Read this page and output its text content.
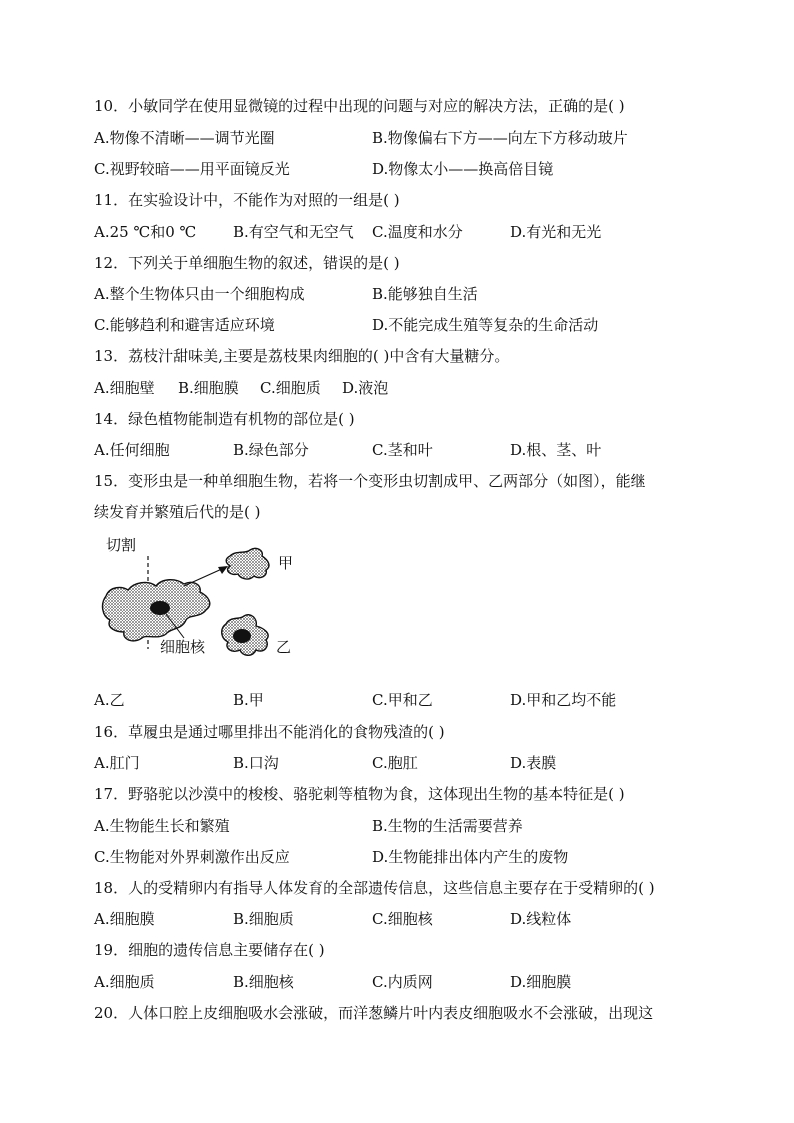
10．小敏同学在使用显微镜的过程中出现的问题与对应的解决方法，正确的是( )
A.物像不清晰——调节光圈	B.物像偏右下方——向左下方移动玻片
C.视野较暗——用平面镜反光	D.物像太小——换高倍目镜
11．在实验设计中，不能作为对照的一组是( )
A.25 ℃和0 ℃ B.有空气和无空气 C.温度和水分	D.有光和无光
12．下列关于单细胞生物的叙述，错误的是( )
A.整个生物体只由一个细胞构成	B.能够独自生活
C.能够趋利和避害适应环境	D.不能完成生殖等复杂的生命活动
13．荔枝汁甜味美,主要是荔枝果肉细胞的( )中含有大量糖分。
A.细胞壁 B.细胞膜 C.细胞质 D.液泡
14．绿色植物能制造有机物的部位是( )
A.任何细胞	B.绿色部分	C.茎和叶	D.根、茎、叶
15．变形虫是一种单细胞生物，若将一个变形虫切割成甲、乙两部分（如图），能继
续发育并繁殖后代的是( )
切割
甲
乙
细胞核
A.乙	B.甲	C.甲和乙	D.甲和乙均不能
16．草履虫是通过哪里排出不能消化的食物残渣的( )
A.肛门	B.口沟	C.胞肛	D.表膜
17．野骆驼以沙漠中的梭梭、骆驼刺等植物为食，这体现出生物的基本特征是( )
A.生物能生长和繁殖	B.生物的生活需要营养
C.生物能对外界刺激作出反应	D.生物能排出体内产生的废物
18．人的受精卵内有指导人体发育的全部遗传信息，这些信息主要存在于受精卵的( )
A.细胞膜	B.细胞质	C.细胞核	D.线粒体
19．细胞的遗传信息主要储存在( )
A.细胞质	B.细胞核	C.内质网	D.细胞膜
20．人体口腔上皮细胞吸水会涨破，而洋葱鳞片叶内表皮细胞吸水不会涨破，出现这
